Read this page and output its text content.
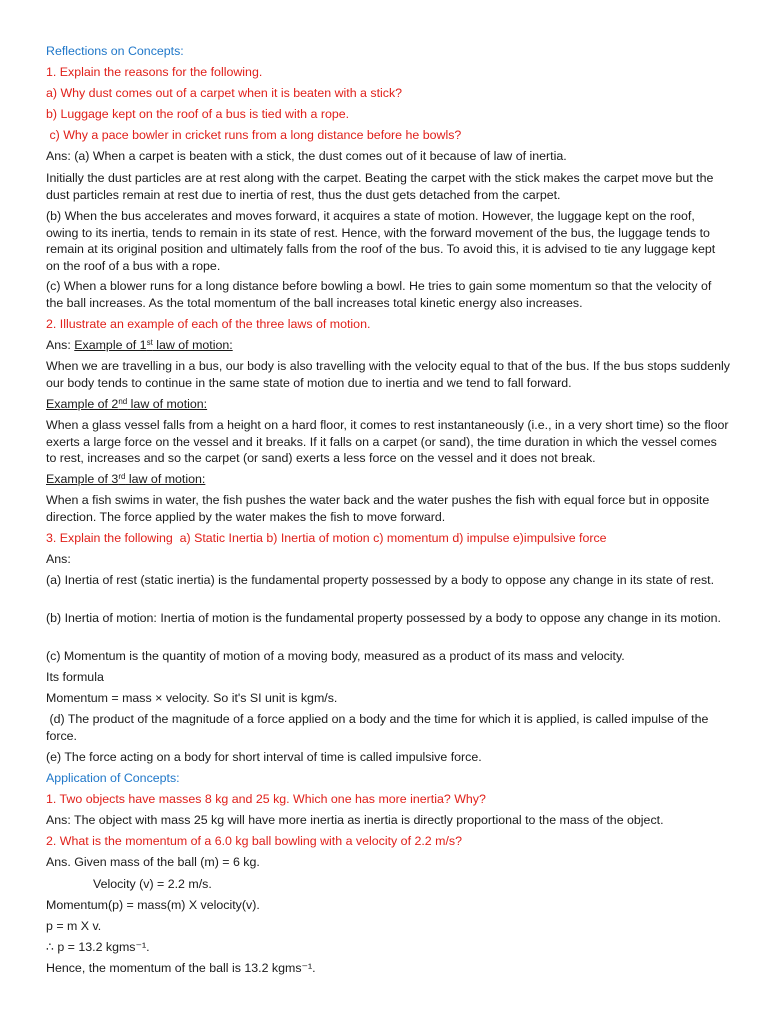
Reflections on Concepts:
1. Explain the reasons for the following.
a) Why dust comes out of a carpet when it is beaten with a stick?
b) Luggage kept on the roof of a bus is tied with a rope.
c) Why a pace bowler in cricket runs from a long distance before he bowls?
Ans: (a) When a carpet is beaten with a stick, the dust comes out of it because of law of inertia.
Initially the dust particles are at rest along with the carpet. Beating the carpet with the stick makes the carpet move but the dust particles remain at rest due to inertia of rest, thus the dust gets detached from the carpet.
(b) When the bus accelerates and moves forward, it acquires a state of motion. However, the luggage kept on the roof, owing to its inertia, tends to remain in its state of rest. Hence, with the forward movement of the bus, the luggage tends to remain at its original position and ultimately falls from the roof of the bus. To avoid this, it is advised to tie any luggage kept on the roof of a bus with a rope.
(c) When a blower runs for a long distance before bowling a bowl. He tries to gain some momentum so that the velocity of the ball increases. As the total momentum of the ball increases total kinetic energy also increases.
2. Illustrate an example of each of the three laws of motion.
Ans: Example of 1st law of motion:
When we are travelling in a bus, our body is also travelling with the velocity equal to that of the bus. If the bus stops suddenly our body tends to continue in the same state of motion due to inertia and we tend to fall forward.
Example of 2nd law of motion:
When a glass vessel falls from a height on a hard floor, it comes to rest instantaneously (i.e., in a very short time) so the floor exerts a large force on the vessel and it breaks. If it falls on a carpet (or sand), the time duration in which the vessel comes to rest, increases and so the carpet (or sand) exerts a less force on the vessel and it does not break.
Example of 3rd law of motion:
When a fish swims in water, the fish pushes the water back and the water pushes the fish with equal force but in opposite direction. The force applied by the water makes the fish to move forward.
3. Explain the following  a) Static Inertia b) Inertia of motion c) momentum d) impulse e)impulsive force
Ans:
(a) Inertia of rest (static inertia) is the fundamental property possessed by a body to oppose any change in its state of rest.
(b) Inertia of motion: Inertia of motion is the fundamental property possessed by a body to oppose any change in its motion.
(c) Momentum is the quantity of motion of a moving body, measured as a product of its mass and velocity.
Its formula
Momentum = mass × velocity. So it's SI unit is kgm/s.
(d) The product of the magnitude of a force applied on a body and the time for which it is applied, is called impulse of the force.
(e) The force acting on a body for short interval of time is called impulsive force.
Application of Concepts:
1. Two objects have masses 8 kg and 25 kg. Which one has more inertia? Why?
Ans: The object with mass 25 kg will have more inertia as inertia is directly proportional to the mass of the object.
2. What is the momentum of a 6.0 kg ball bowling with a velocity of 2.2 m/s?
Ans. Given mass of the ball (m) = 6 kg.
Velocity (v) = 2.2 m/s.
Momentum(p) = mass(m) X velocity(v).
p = m X v.
∴ p = 13.2 kgms⁻¹.
Hence, the momentum of the ball is 13.2 kgms⁻¹.
